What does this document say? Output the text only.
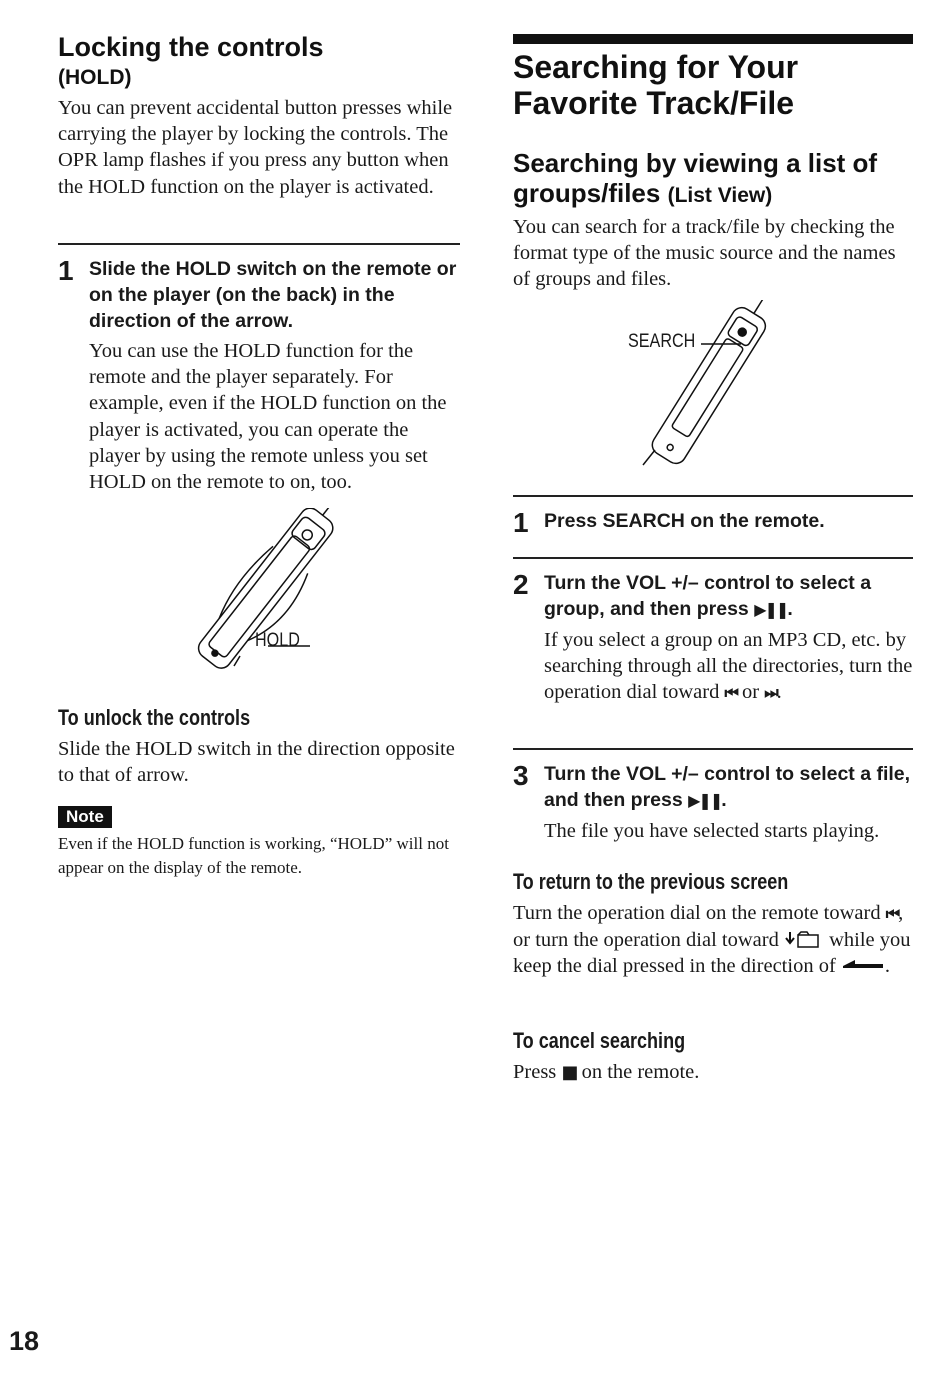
Locking the controls
(HOLD)
You can prevent accidental button presses while carrying the player by locking the controls. The OPR lamp flashes if you press any button when the HOLD function on the player is activated.
1 Slide the HOLD switch on the remote or on the player (on the back) in the direction of the arrow.
You can use the HOLD function for the remote and the player separately. For example, even if the HOLD function on the player is activated, you can operate the player by using the remote unless you set HOLD on the remote to on, too.
HOLD
To unlock the controls
Slide the HOLD switch in the direction opposite to that of arrow.
Note
Even if the HOLD function is working, “HOLD” will not appear on the display of the remote.
Searching for Your Favorite Track/File
Searching by viewing a list of groups/files (List View)
You can search for a track/file by checking the format type of the music source and the names of groups and files.
SEARCH
1 Press SEARCH on the remote.
2 Turn the VOL +/– control to select a group, and then press ▶❚❚.
If you select a group on an MP3 CD, etc. by searching through all the directories, turn the operation dial toward ⏮ or ⏭.
3 Turn the VOL +/– control to select a file, and then press ▶❚❚.
The file you have selected starts playing.
To return to the previous screen
Turn the operation dial on the remote toward ⏮, or turn the operation dial toward  while you keep the dial pressed in the direction of .
To cancel searching
Press ■ on the remote.
18
